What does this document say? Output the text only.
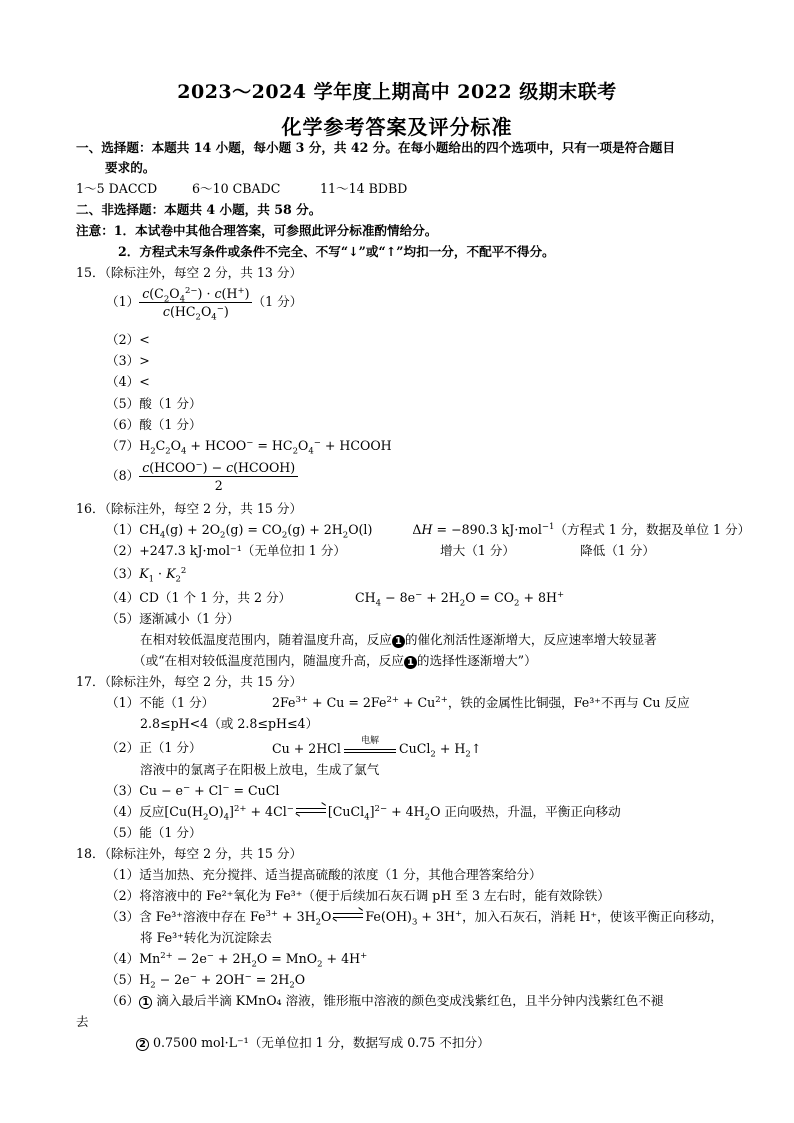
2023～2024 学年度上期高中 2022 级期末联考
化学参考答案及评分标准
一、选择题：本题共 14 小题，每小题 3 分，共 42 分。在每小题给出的四个选项中，只有一项是符合题目
要求的。
1～5 DACCD	6～10 CBADC	11～14 BDBD
二、非选择题：本题共 4 小题，共 58 分。
注意：1．本试卷中其他合理答案，可参照此评分标准酌情给分。
2．方程式未写条件或条件不完全、不写“↓”或“↑”均扣一分，不配平不得分。
15．（除标注外，每空 2 分，共 13 分）
$(1) \frac{c(C_2O_4^{2-}) \cdot c(H^+)}{c(HC_2O_4^-)} (1$ 分）
（2）<
（3）>
（4）<
（5）酸（1 分）
（6）酸（1 分）
$(7)H_2C_2O_4$ + HCOO− = $HC_2O_4^-$ + HCOOH
$(8) \frac{c(HCOO^-) - c(HCOOH)}{2}$
16．（除标注外，每空 2 分，共 15 分）
$(1)CH_4(g) + 2O_2(g) = CO_2(g) + 2H_2O(l)$	ΔH = −890.3 kJ·mol$^{-1}$（方程式 1 分，数据及单位 1 分）
（2）+247.3 kJ·mol⁻¹（无单位扣 1 分）	增大（1 分）	降低（1 分）
$(3)K_1 \cdot K_2^2$
（4）CD（1 个 1 分，共 2 分）	$CH_4 - 8e^- + 2H_2O = CO_2 + 8H^+$
（5）逐渐减小（1 分）
在相对较低温度范围内，随着温度升高，反应 1 的催化剂活性逐渐增大，反应速率增大较显著
（或“在相对较低温度范围内，随温度升高，反应 1 的选择性逐渐增大”）
17．（除标注外，每空 2 分，共 15 分）
（1）不能（1 分）	$2Fe^{3+} + Cu = 2Fe^{2+} + Cu^{2+}$，铁的金属性比铜强，Fe³⁺不再与 Cu 反应
2.8≤pH<4（或 2.8≤pH≤4）
（2）正（1 分）	Cu + 2HCl	电解	CuCl$_2$ + $H_2↑$
溶液中的氯离子在阳极上放电，生成了氯气
（3）Cu − e− + Cl− = CuCl
（4）反应$[Cu(H_2O)_4]^{2+} + 4Cl^-$	[CuCl$_4$]$^{2-}$ + $4H_2O$ 正向吸热，升温，平衡正向移动
（5）能（1 分）
18．（除标注外，每空 2 分，共 15 分）
（1）适当加热、充分搅拌、适当提高硫酸的浓度（1 分，其他合理答案给分）
（2）将溶液中的 Fe²⁺氧化为 Fe³⁺（便于后续加石灰石调 pH 至 3 左右时，能有效除铁）
（3）含 Fe³⁺溶液中存在 $Fe^{3+} + 3H_2O$	$Fe(OH)_3 + 3H^+$，加入石灰石，消耗 H⁺，使该平衡正向移动，
将 Fe³⁺转化为沉淀除去
$(4)Mn^{2+} - 2e^- + 2H_2O = MnO_2 + 4H^+$
$(5)H_2 - 2e^- + 2OH^- = 2H_2O$
（6） 1 滴入最后半滴 KMnO₄ 溶液，锥形瓶中溶液的颜色变成浅紫红色，且半分钟内浅紫红色不褪
去
2 0.7500 mol·L⁻¹（无单位扣 1 分，数据写成 0.75 不扣分）
